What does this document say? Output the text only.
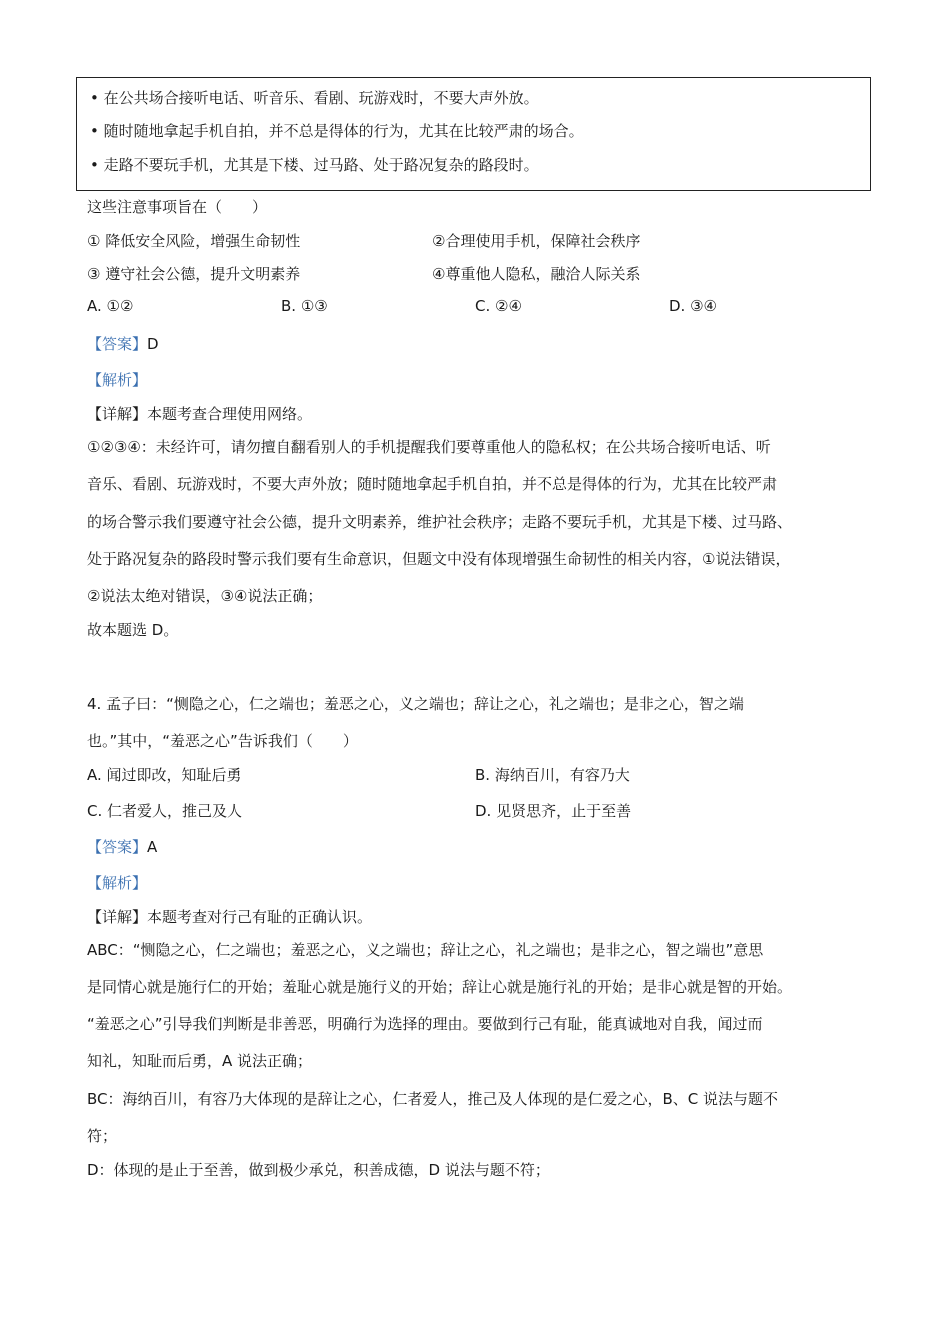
• 在公共场合接听电话、听音乐、看剧、玩游戏时，不要大声外放。

• 随时随地拿起手机自拍，并不总是得体的行为，尤其在比较严肃的场合。

• 走路不要玩手机，尤其是下楼、过马路、处于路况复杂的路段时。

这些注意事项旨在（　　）

① 降低安全风险，增强生命韧性	②合理使用手机，保障社会秩序

③ 遵守社会公德，提升文明素养	④尊重他人隐私，融洽人际关系

A. ①②	B. ①③	C. ②④	D. ③④

【答案】D

【解析】

【详解】本题考查合理使用网络。

①②③④：未经许可，请勿擅自翻看别人的手机提醒我们要尊重他人的隐私权；在公共场合接听电话、听

音乐、看剧、玩游戏时，不要大声外放；随时随地拿起手机自拍，并不总是得体的行为，尤其在比较严肃

的场合警示我们要遵守社会公德，提升文明素养，维护社会秩序；走路不要玩手机，尤其是下楼、过马路、

处于路况复杂的路段时警示我们要有生命意识，但题文中没有体现增强生命韧性的相关内容，①说法错误，

②说法太绝对错误，③④说法正确；

故本题选 D。

4. 孟子曰：“恻隐之心，仁之端也；羞恶之心，义之端也；辞让之心，礼之端也；是非之心，智之端

也。”其中，“羞恶之心”告诉我们（　　）

A. 闻过即改，知耻后勇	B. 海纳百川，有容乃大

C. 仁者爱人，推己及人	D. 见贤思齐，止于至善

【答案】A

【解析】

【详解】本题考查对行己有耻的正确认识。

ABC：“恻隐之心，仁之端也；羞恶之心，义之端也；辞让之心，礼之端也；是非之心，智之端也”意思

是同情心就是施行仁的开始；羞耻心就是施行义的开始；辞让心就是施行礼的开始；是非心就是智的开始。

“羞恶之心”引导我们判断是非善恶，明确行为选择的理由。要做到行己有耻，能真诚地对自我，闻过而

知礼，知耻而后勇，A 说法正确；

BC：海纳百川，有容乃大体现的是辞让之心，仁者爱人，推己及人体现的是仁爱之心，B、C 说法与题不

符；

D：体现的是止于至善，做到极少承兑，积善成德，D 说法与题不符；
